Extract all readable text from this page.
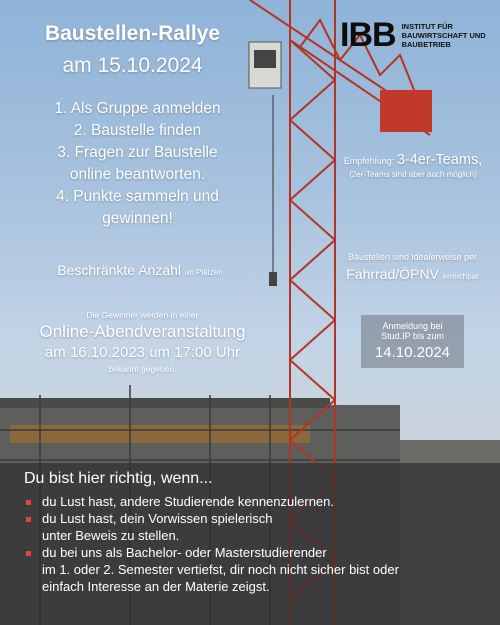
Baustellen-Rallye
am 15.10.2024
1. Als Gruppe anmelden
2. Baustelle finden
3. Fragen zur Baustelle
online beantworten.
4. Punkte sammeln und
gewinnen!
IBB INSTITUT FÜR
BAUWIRTSCHAFT UND
BAUBETRIEB
Empfehlung: 3-4er-Teams,
(2er-Teams sind aber auch möglich)
Baustellen sind idealerweise per
Fahrrad/ÖPNV erreichbar
Beschränkte Anzahl an Plätzen
Die Gewinner werden in einer
Online-Abendveranstaltung
am 16.10.2023 um 17:00 Uhr
bekannt gegeben.
Anmeldung bei
Stud.IP bis zum
14.10.2024
Du bist hier richtig, wenn...
du Lust hast, andere Studierende kennenzulernen.
du Lust hast, dein Vorwissen spielerisch
unter Beweis zu stellen.
du bei uns als Bachelor- oder Masterstudierender
im 1. oder 2. Semester vertiefst, dir noch nicht sicher bist oder
einfach Interesse an der Materie zeigst.
